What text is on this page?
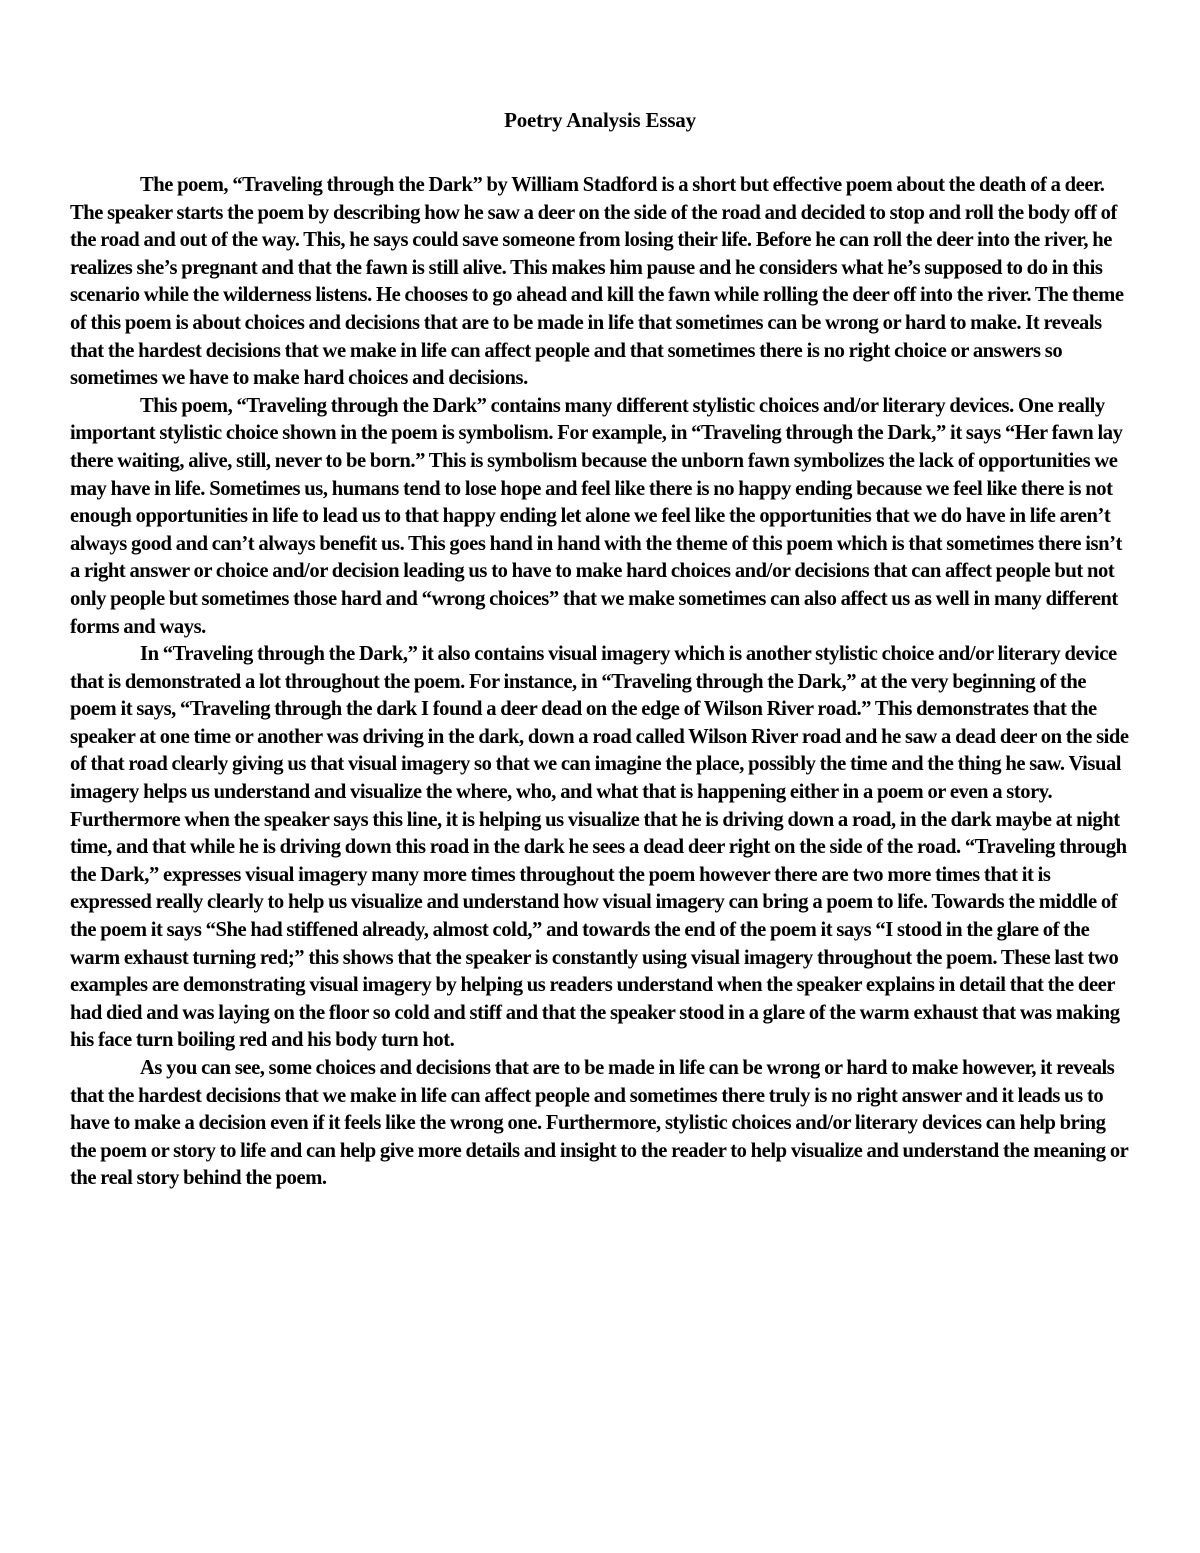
Poetry Analysis Essay

The poem, “Traveling through the Dark” by William Stadford is a short but effective poem about the death of a deer. The speaker starts the poem by describing how he saw a deer on the side of the road and decided to stop and roll the body off of the road and out of the way. This, he says could save someone from losing their life. Before he can roll the deer into the river, he realizes she’s pregnant and that the fawn is still alive. This makes him pause and he considers what he’s supposed to do in this scenario while the wilderness listens. He chooses to go ahead and kill the fawn while rolling the deer off into the river. The theme of this poem is about choices and decisions that are to be made in life that sometimes can be wrong or hard to make. It reveals that the hardest decisions that we make in life can affect people and that sometimes there is no right choice or answers so sometimes we have to make hard choices and decisions.

This poem, “Traveling through the Dark” contains many different stylistic choices and/or literary devices. One really important stylistic choice shown in the poem is symbolism. For example, in “Traveling through the Dark,” it says “Her fawn lay there waiting, alive, still, never to be born.” This is symbolism because the unborn fawn symbolizes the lack of opportunities we may have in life. Sometimes us, humans tend to lose hope and feel like there is no happy ending because we feel like there is not enough opportunities in life to lead us to that happy ending let alone we feel like the opportunities that we do have in life aren’t always good and can’t always benefit us. This goes hand in hand with the theme of this poem which is that sometimes there isn’t a right answer or choice and/or decision leading us to have to make hard choices and/or decisions that can affect people but not only people but sometimes those hard and “wrong choices” that we make sometimes can also affect us as well in many different forms and ways.

In “Traveling through the Dark,” it also contains visual imagery which is another stylistic choice and/or literary device that is demonstrated a lot throughout the poem. For instance, in “Traveling through the Dark,” at the very beginning of the poem it says, “Traveling through the dark I found a deer dead on the edge of Wilson River road.” This demonstrates that the speaker at one time or another was driving in the dark, down a road called Wilson River road and he saw a dead deer on the side of that road clearly giving us that visual imagery so that we can imagine the place, possibly the time and the thing he saw. Visual imagery helps us understand and visualize the where, who, and what that is happening either in a poem or even a story. Furthermore when the speaker says this line, it is helping us visualize that he is driving down a road, in the dark maybe at night time, and that while he is driving down this road in the dark he sees a dead deer right on the side of the road. “Traveling through the Dark,” expresses visual imagery many more times throughout the poem however there are two more times that it is expressed really clearly to help us visualize and understand how visual imagery can bring a poem to life. Towards the middle of the poem it says “She had stiffened already, almost cold,” and towards the end of the poem it says “I stood in the glare of the warm exhaust turning red;” this shows that the speaker is constantly using visual imagery throughout the poem. These last two examples are demonstrating visual imagery by helping us readers understand when the speaker explains in detail that the deer had died and was laying on the floor so cold and stiff and that the speaker stood in a glare of the warm exhaust that was making his face turn boiling red and his body turn hot.

As you can see, some choices and decisions that are to be made in life can be wrong or hard to make however, it reveals that the hardest decisions that we make in life can affect people and sometimes there truly is no right answer and it leads us to have to make a decision even if it feels like the wrong one. Furthermore, stylistic choices and/or literary devices can help bring the poem or story to life and can help give more details and insight to the reader to help visualize and understand the meaning or the real story behind the poem.
